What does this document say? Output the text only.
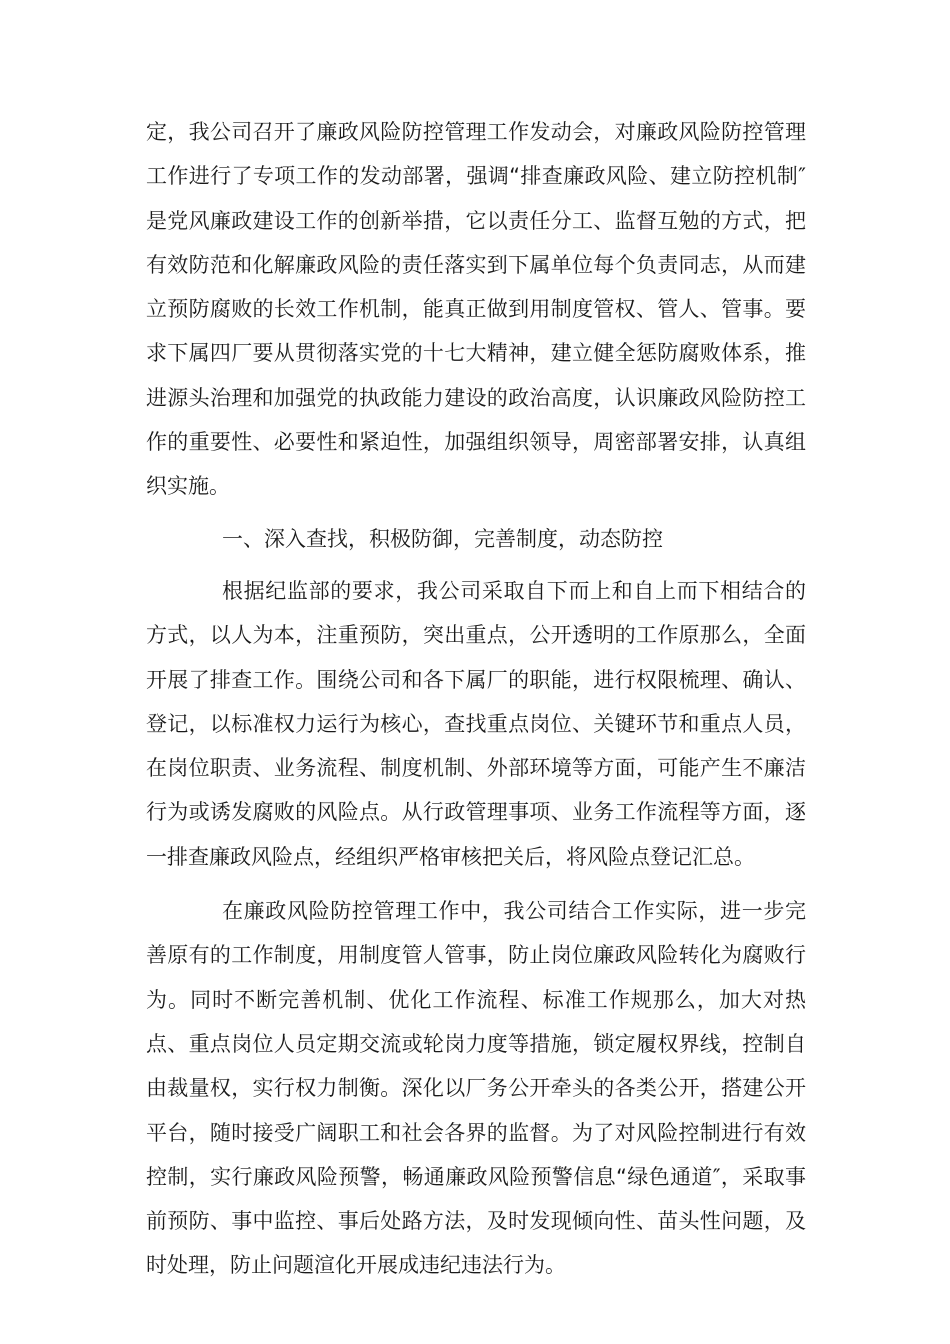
定，我公司召开了廉政风险防控管理工作发动会，对廉政风险防控管理工作进行了专项工作的发动部署，强调“排查廉政风险、建立防控机制″是党风廉政建设工作的创新举措，它以责任分工、监督互勉的方式，把有效防范和化解廉政风险的责任落实到下属单位每个负责同志，从而建立预防腐败的长效工作机制，能真正做到用制度管权、管人、管事。要求下属四厂要从贯彻落实党的十七大精神，建立健全惩防腐败体系，推进源头治理和加强党的执政能力建设的政治高度，认识廉政风险防控工作的重要性、必要性和紧迫性，加强组织领导，周密部署安排，认真组织实施。

一、深入查找，积极防御，完善制度，动态防控

根据纪监部的要求，我公司采取自下而上和自上而下相结合的方式，以人为本，注重预防，突出重点，公开透明的工作原那么，全面开展了排查工作。围绕公司和各下属厂的职能，进行权限梳理、确认、登记，以标准权力运行为核心，查找重点岗位、关键环节和重点人员，在岗位职责、业务流程、制度机制、外部环境等方面，可能产生不廉洁行为或诱发腐败的风险点。从行政管理事项、业务工作流程等方面，逐一排查廉政风险点，经组织严格审核把关后，将风险点登记汇总。

在廉政风险防控管理工作中，我公司结合工作实际，进一步完善原有的工作制度，用制度管人管事，防止岗位廉政风险转化为腐败行为。同时不断完善机制、优化工作流程、标准工作规那么，加大对热点、重点岗位人员定期交流或轮岗力度等措施，锁定履权界线，控制自由裁量权，实行权力制衡。深化以厂务公开牵头的各类公开，搭建公开平台，随时接受广阔职工和社会各界的监督。为了对风险控制进行有效控制，实行廉政风险预警，畅通廉政风险预警信息“绿色通道″，采取事前预防、事中监控、事后处路方法，及时发现倾向性、苗头性问题，及时处理，防止问题渲化开展成违纪违法行为。
